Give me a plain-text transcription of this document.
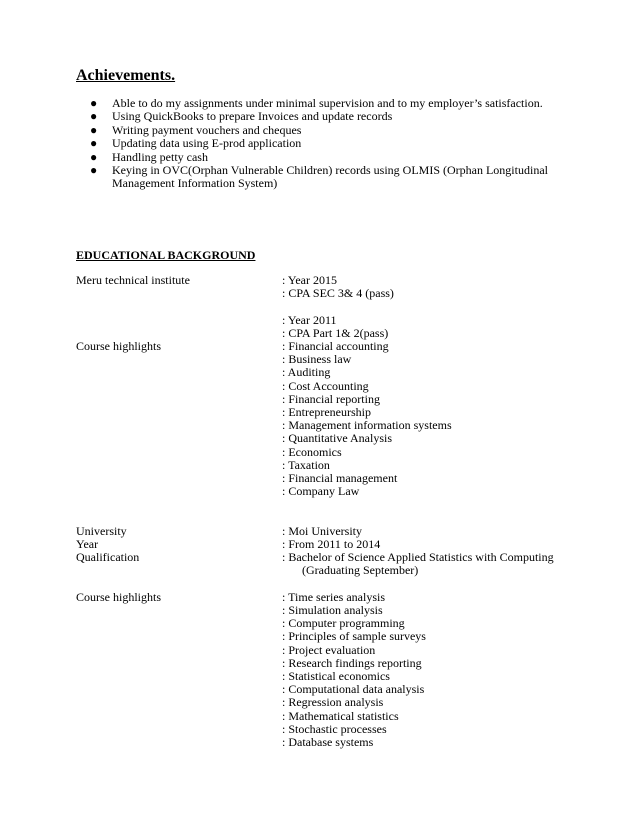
Achievements.
● Able to do my assignments under minimal supervision and to my employer’s satisfaction.
● Using QuickBooks to prepare Invoices and update records
● Writing payment vouchers and cheques
● Updating data using E-prod application
● Handling petty cash
● Keying in OVC(Orphan Vulnerable Children) records using OLMIS (Orphan Longitudinal Management Information System)
EDUCATIONAL BACKGROUND
Meru technical institute	: Year 2015
: CPA SEC 3& 4 (pass)
: Year 2011
: CPA Part 1& 2(pass)
Course highlights	: Financial accounting
: Business law
: Auditing
: Cost Accounting
: Financial reporting
: Entrepreneurship
: Management information systems
: Quantitative Analysis
: Economics
: Taxation
: Financial management
: Company Law
University	: Moi University
Year	: From 2011 to 2014
Qualification	: Bachelor of Science Applied Statistics with Computing
(Graduating September)
Course highlights	: Time series analysis
: Simulation analysis
: Computer programming
: Principles of sample surveys
: Project evaluation
: Research findings reporting
: Statistical economics
: Computational data analysis
: Regression analysis
: Mathematical statistics
: Stochastic processes
: Database systems
